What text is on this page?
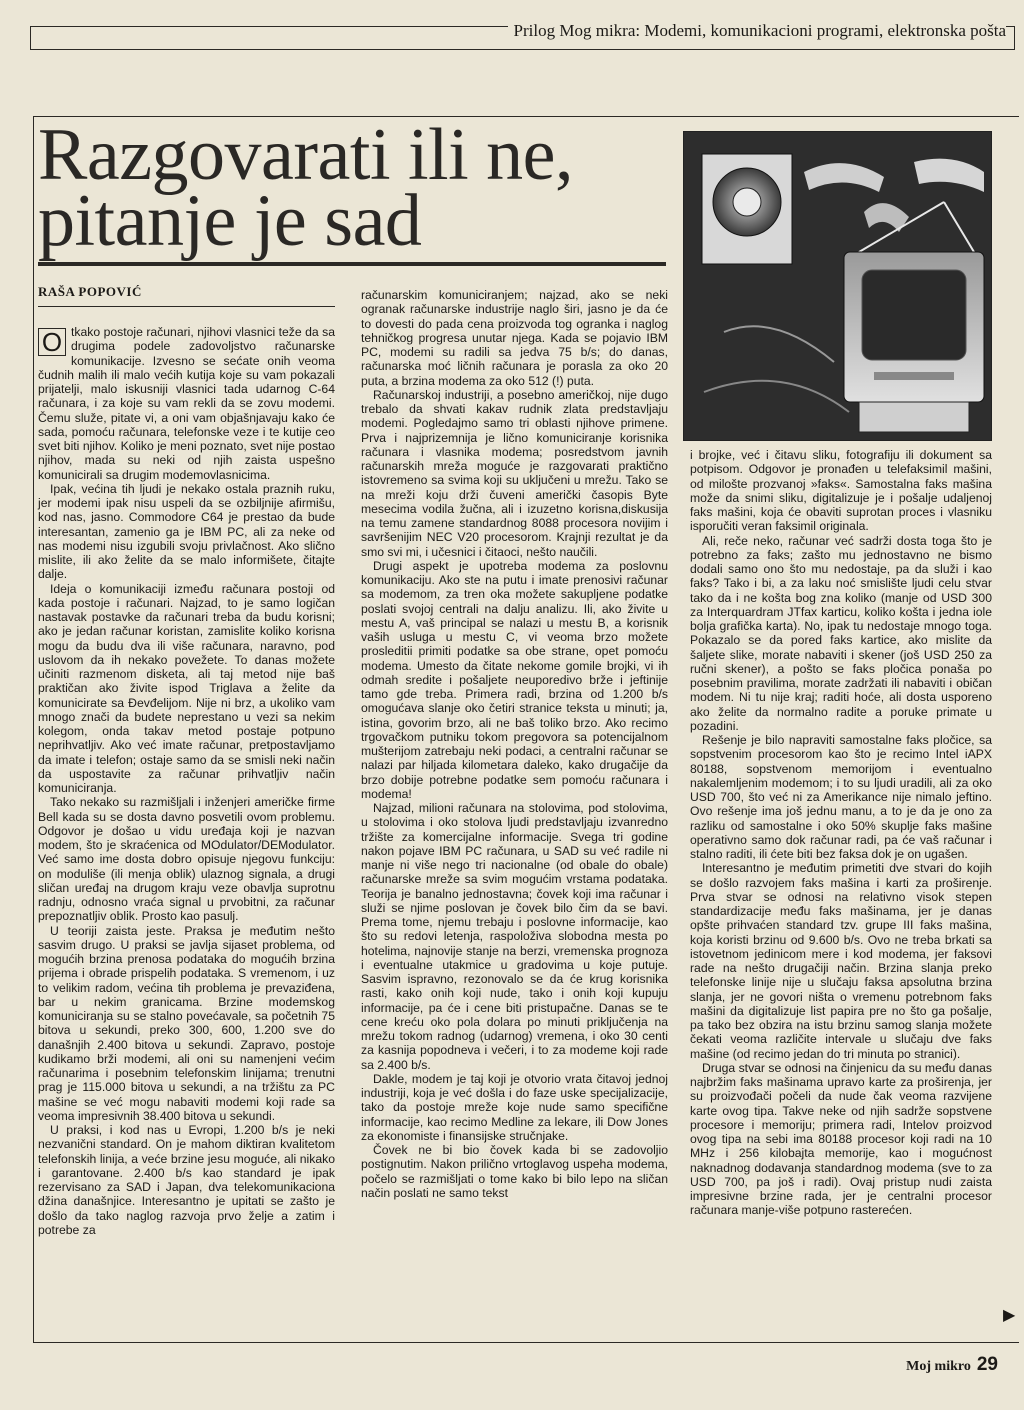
Prilog Mog mikra: Modemi, komunikacioni programi, elektronska pošta
Razgovarati ili ne,
pitanje je sad
RAŠA POPOVIĆ

O tkako postoje računari, njihovi vlasnici teže da sa drugima podele zadovoljstvo računarske komunikacije. Izvesno se sećate onih veoma čudnih malih ili malo većih kutija koje su vam pokazali prijatelji, malo iskusniji vlasnici tada udarnog C-64 računara, i za koje su vam rekli da se zovu modemi. Čemu služe, pitate vi, a oni vam objašnjavaju kako će sada, pomoću računara, telefonske veze i te kutije ceo svet biti njihov. Koliko je meni poznato, svet nije postao njihov, mada su neki od njih zaista uspešno komunicirali sa drugim modemovlasnicima.

Ipak, većina tih ljudi je nekako ostala praznih ruku, jer modemi ipak nisu uspeli da se ozbiljnije afirmišu, kod nas, jasno. Commodore C64 je prestao da bude interesantan, zamenio ga je IBM PC, ali za neke od nas modemi nisu izgubili svoju privlačnost. Ako slično mislite, ili ako želite da se malo informišete, čitajte dalje.

Ideja o komunikaciji između računara postoji od kada postoje i računari. Najzad, to je samo logičan nastavak postavke da računari treba da budu korisni; ako je jedan računar koristan, zamislite koliko korisna mogu da budu dva ili više računara, naravno, pod uslovom da ih nekako povežete. To danas možete učiniti razmenom disketa, ali taj metod nije baš praktičan ako živite ispod Triglava a želite da komunicirate sa Đevđelijom. Nije ni brz, a ukoliko vam mnogo znači da budete neprestano u vezi sa nekim kolegom, onda takav metod postaje potpuno neprihvatljiv. Ako već imate računar, pretpostavljamo da imate i telefon; ostaje samo da se smisli neki način da uspostavite za računar prihvatljiv način komuniciranja.

Tako nekako su razmišljali i inženjeri američke firme Bell kada su se dosta davno posvetili ovom problemu. Odgovor je došao u vidu uređaja koji je nazvan modem, što je skraćenica od MOdulator/DEModulator. Već samo ime dosta dobro opisuje njegovu funkciju: on moduliše (ili menja oblik) ulaznog signala, a drugi sličan uređaj na drugom kraju veze obavlja suprotnu radnju, odnosno vraća signal u prvobitni, za računar prepoznatljiv oblik. Prosto kao pasulj.

U teoriji zaista jeste. Praksa je međutim nešto sasvim drugo. U praksi se javlja sijaset problema, od mogućih brzina prenosa podataka do mogućih brzina prijema i obrade prispelih podataka. S vremenom, i uz to velikim radom, većina tih problema je prevaziđena, bar u nekim granicama. Brzine modemskog komuniciranja su se stalno povećavale, sa početnih 75 bitova u sekundi, preko 300, 600, 1.200 sve do današnjih 2.400 bitova u sekundi. Zapravo, postoje kudikamo brži modemi, ali oni su namenjeni većim računarima i posebnim telefonskim linijama; trenutni prag je 115.000 bitova u sekundi, a na tržištu za PC mašine se već mogu nabaviti modemi koji rade sa veoma impresivnih 38.400 bitova u sekundi.

U praksi, i kod nas u Evropi, 1.200 b/s je neki nezvanični standard. On je mahom diktiran kvalitetom telefonskih linija, a veće brzine jesu moguće, ali nikako i garantovane. 2.400 b/s kao standard je ipak rezervisano za SAD i Japan, dva telekomunikaciona džina današnjice. Interesantno je upitati se zašto je došlo da tako naglog razvoja prvo želje a zatim i potrebe za

računarskim komuniciranjem; najzad, ako se neki ogranak računarske industrije naglo širi, jasno je da će to dovesti do pada cena proizvoda tog ogranka i naglog tehničkog progresa unutar njega. Kada se pojavio IBM PC, modemi su radili sa jedva 75 b/s; do danas, računarska moć ličnih računara je porasla za oko 20 puta, a brzina modema za oko 512 (!) puta.

Računarskoj industriji, a posebno američkoj, nije dugo trebalo da shvati kakav rudnik zlata predstavljaju modemi. Pogledajmo samo tri oblasti njihove primene. Prva i najprizemnija je lično komuniciranje korisnika računara i vlasnika modema; posredstvom javnih računarskih mreža moguće je razgovarati praktično istovremeno sa svima koji su uključeni u mrežu. Tako se na mreži koju drži čuveni američki časopis Byte mesecima vodila žučna, ali i izuzetno korisna,diskusija na temu zamene standardnog 8088 procesora novijim i savršenijim NEC V20 procesorom. Krajnji rezultat je da smo svi mi, i učesnici i čitaoci, nešto naučili.

Drugi aspekt je upotreba modema za poslovnu komunikaciju. Ako ste na putu i imate prenosivi računar sa modemom, za tren oka možete sakupljene podatke poslati svojoj centrali na dalju analizu. Ili, ako živite u mestu A, vaš principal se nalazi u mestu B, a korisnik vaših usluga u mestu C, vi veoma brzo možete prosleditii primiti podatke sa obe strane, opet pomoću modema. Umesto da čitate nekome gomile brojki, vi ih odmah sredite i pošaljete neuporedivo brže i jeftinije tamo gde treba. Primera radi, brzina od 1.200 b/s omogućava slanje oko četiri stranice teksta u minuti; ja, istina, govorim brzo, ali ne baš toliko brzo. Ako recimo trgovačkom putniku tokom pregovora sa potencijalnom mušterijom zatrebaju neki podaci, a centralni računar se nalazi par hiljada kilometara daleko, kako drugačije da brzo dobije potrebne podatke sem pomoću računara i modema!

Najzad, milioni računara na stolovima, pod stolovima, u stolovima i oko stolova ljudi predstavljaju izvanredno tržište za komercijalne informacije. Svega tri godine nakon pojave IBM PC računara, u SAD su već radile ni manje ni više nego tri nacionalne (od obale do obale) računarske mreže sa svim mogućim vrstama podataka. Teorija je banalno jednostavna; čovek koji ima računar i služi se njime poslovan je čovek bilo čim da se bavi. Prema tome, njemu trebaju i poslovne informacije, kao što su redovi letenja, raspoloživa slobodna mesta po hotelima, najnovije stanje na berzi, vremenska prognoza i eventualne utakmice u gradovima u koje putuje. Sasvim ispravno, rezonovalo se da će krug korisnika rasti, kako onih koji nude, tako i onih koji kupuju informacije, pa će i cene biti pristupačne. Danas se te cene kreću oko pola dolara po minuti priključenja na mrežu tokom radnog (udarnog) vremena, i oko 30 centi za kasnija popodneva i večeri, i to za modeme koji rade sa 2.400 b/s.

Dakle, modem je taj koji je otvorio vrata čitavoj jednoj industriji, koja je već došla i do faze uske specijalizacije, tako da postoje mreže koje nude samo specifične informacije, kao recimo Medline za lekare, ili Dow Jones za ekonomiste i finansijske stručnjake.

Čovek ne bi bio čovek kada bi se zadovoljio postignutim. Nakon prilično vrtoglavog uspeha modema, počelo se razmišljati o tome kako bi bilo lepo na sličan način poslati ne samo tekst

i brojke, već i čitavu sliku, fotografiju ili dokument sa potpisom. Odgovor je pronađen u telefaksimil mašini, od milošte prozvanoj »faks«. Samostalna faks mašina može da snimi sliku, digitalizuje je i pošalje udaljenoj faks mašini, koja će obaviti suprotan proces i vlasniku isporučiti veran faksimil originala.

Ali, reče neko, računar već sadrži dosta toga što je potrebno za faks; zašto mu jednostavno ne bismo dodali samo ono što mu nedostaje, pa da služi i kao faks? Tako i bi, a za laku noć smislište ljudi celu stvar tako da i ne košta bog zna koliko (manje od USD 300 za Interquardram JTfax karticu, koliko košta i jedna iole bolja grafička karta). No, ipak tu nedostaje mnogo toga. Pokazalo se da pored faks kartice, ako mislite da šaljete slike, morate nabaviti i skener (još USD 250 za ručni skener), a pošto se faks pločica ponaša po posebnim pravilima, morate zadržati ili nabaviti i običan modem. Ni tu nije kraj; raditi hoće, ali dosta usporeno ako želite da normalno radite a poruke primate u pozadini.

Rešenje je bilo napraviti samostalne faks pločice, sa sopstvenim procesorom kao što je recimo Intel iAPX 80188, sopstvenom memorijom i eventualno nakalemljenim modemom; i to su ljudi uradili, ali za oko USD 700, što već ni za Amerikance nije nimalo jeftino. Ovo rešenje ima još jednu manu, a to je da je ono za razliku od samostalne i oko 50% skuplje faks mašine operativno samo dok računar radi, pa će vaš računar i stalno raditi, ili ćete biti bez faksa dok je on ugašen.

Interesantno je međutim primetiti dve stvari do kojih se došlo razvojem faks mašina i karti za proširenje. Prva stvar se odnosi na relativno visok stepen standardizacije među faks mašinama, jer je danas opšte prihvaćen standard tzv. grupe III faks mašina, koja koristi brzinu od 9.600 b/s. Ovo ne treba brkati sa istovetnom jedinicom mere i kod modema, jer faksovi rade na nešto drugačiji način. Brzina slanja preko telefonske linije nije u slučaju faksa apsolutna brzina slanja, jer ne govori ništa o vremenu potrebnom faks mašini da digitalizuje list papira pre no što ga pošalje, pa tako bez obzira na istu brzinu samog slanja možete čekati veoma različite intervale u slučaju dve faks mašine (od recimo jedan do tri minuta po stranici).

Druga stvar se odnosi na činjenicu da su među danas najbržim faks mašinama upravo karte za proširenja, jer su proizvođači počeli da nude čak veoma razvijene karte ovog tipa. Takve neke od njih sadrže sopstvene procesore i memoriju; primera radi, Intelov proizvod ovog tipa na sebi ima 80188 procesor koji radi na 10 MHz i 256 kilobajta memorije, kao i mogućnost naknadnog dodavanja standardnog modema (sve to za USD 700, pa još i radi). Ovaj pristup nudi zaista impresivne brzine rada, jer je centralni procesor računara manje-više potpuno rasterećen.

▶
Moj mikro 29
